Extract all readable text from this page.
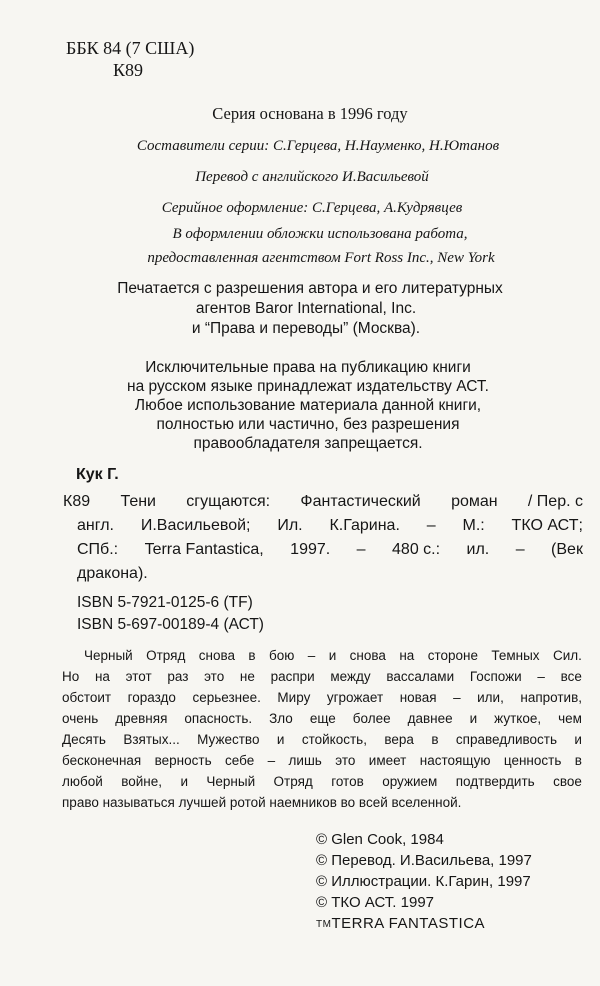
ББК 84 (7 США)
К89
Серия основана в 1996 году
Составители серии: С.Герцева, Н.Науменко, Н.Ютанов
Перевод с английского И.Васильевой
Серийное оформление: С.Герцева, А.Кудрявцев
В оформлении обложки использована работа,
предоставленная агентством Fort Ross Inc., New York
Печатается с разрешения автора и его литературных
агентов Baror International, Inc.
и “Права и переводы” (Москва).
Исключительные права на публикацию книги
на русском языке принадлежат издательству АСТ.
Любое использование материала данной книги,
полностью или частично, без разрешения
правообладателя запрещается.
Кук Г.
К89 Тени сгущаются: Фантастический роман / Пер. с
англ. И.Васильевой; Ил. К.Гарина. – М.: ТКО АСТ;
СПб.: Terra Fantastica, 1997. – 480 с.: ил. – (Век
дракона).
ISBN 5-7921-0125-6 (TF)
ISBN 5-697-00189-4 (АСТ)
Черный Отряд снова в бою – и снова на стороне Темных Сил.
Но на этот раз это не распри между вассалами Госпожи – все
обстоит гораздо серьезнее. Миру угрожает новая – или, напротив,
очень древняя опасность. Зло еще более давнее и жуткое, чем
Десять Взятых... Мужество и стойкость, вера в справедливость и
бесконечная верность себе – лишь это имеет настоящую ценность в
любой войне, и Черный Отряд готов оружием подтвердить свое
право называться лучшей ротой наемников во всей вселенной.
© Glen Cook, 1984
© Перевод. И.Васильева, 1997
© Иллюстрации. К.Гарин, 1997
© ТКО АСТ. 1997
TMTERRA FANTASTICA
